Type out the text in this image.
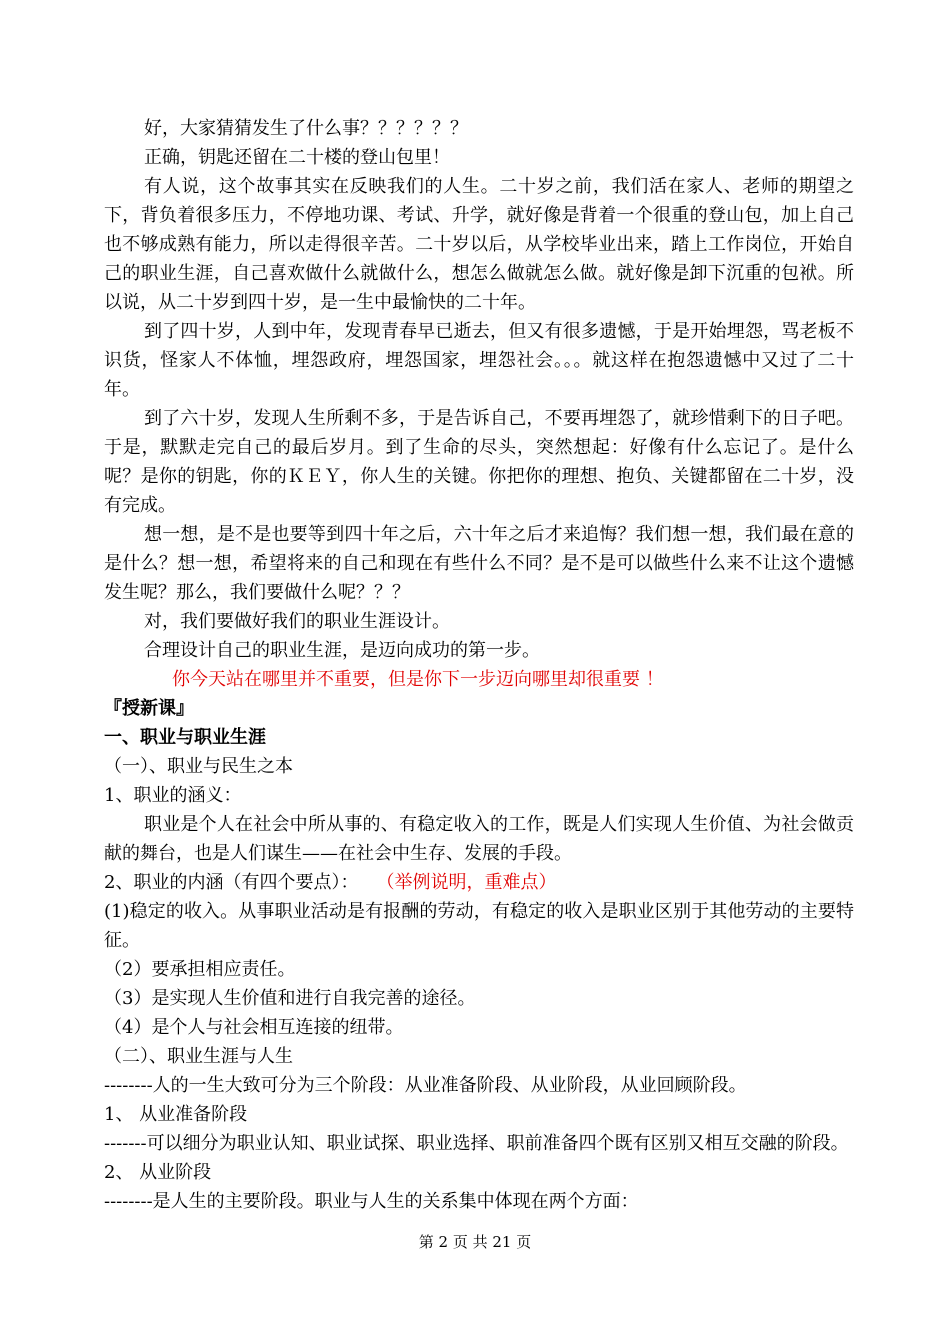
好，大家猜猜发生了什么事？？？？？？

正确，钥匙还留在二十楼的登山包里！

有人说，这个故事其实在反映我们的人生。二十岁之前，我们活在家人、老师的期望之下，背负着很多压力，不停地功课、考试、升学，就好像是背着一个很重的登山包，加上自己也不够成熟有能力，所以走得很辛苦。二十岁以后，从学校毕业出来，踏上工作岗位，开始自己的职业生涯，自己喜欢做什么就做什么，想怎么做就怎么做。就好像是卸下沉重的包袱。所以说，从二十岁到四十岁，是一生中最愉快的二十年。

到了四十岁，人到中年，发现青春早已逝去，但又有很多遗憾，于是开始埋怨，骂老板不识货，怪家人不体恤，埋怨政府，埋怨国家，埋怨社会。。。就这样在抱怨遗憾中又过了二十年。

到了六十岁，发现人生所剩不多，于是告诉自己，不要再埋怨了，就珍惜剩下的日子吧。于是，默默走完自己的最后岁月。到了生命的尽头，突然想起：好像有什么忘记了。是什么呢？是你的钥匙，你的ＫＥＹ，你人生的关键。你把你的理想、抱负、关键都留在二十岁，没有完成。

想一想，是不是也要等到四十年之后，六十年之后才来追悔？我们想一想，我们最在意的是什么？想一想，希望将来的自己和现在有些什么不同？是不是可以做些什么来不让这个遗憾发生呢？那么，我们要做什么呢？？？

对，我们要做好我们的职业生涯设计。

合理设计自己的职业生涯，是迈向成功的第一步。

你今天站在哪里并不重要，但是你下一步迈向哪里却很重要 ！

『授新课』

一、职业与职业生涯

（一）、职业与民生之本

1、职业的涵义：

职业是个人在社会中所从事的、有稳定收入的工作，既是人们实现人生价值、为社会做贡献的舞台，也是人们谋生——在社会中生存、发展的手段。

2、职业的内涵（有四个要点）： （举例说明，重难点）

(1)稳定的收入。从事职业活动是有报酬的劳动，有稳定的收入是职业区别于其他劳动的主要特征。

（2）要承担相应责任。

（3）是实现人生价值和进行自我完善的途径。

（4）是个人与社会相互连接的纽带。

（二）、职业生涯与人生

--------人的一生大致可分为三个阶段：从业准备阶段、从业阶段，从业回顾阶段。

1、 从业准备阶段

-------可以细分为职业认知、职业试探、职业选择、职前准备四个既有区别又相互交融的阶段。

2、 从业阶段

--------是人生的主要阶段。职业与人生的关系集中体现在两个方面：

第 2 页 共 21 页
